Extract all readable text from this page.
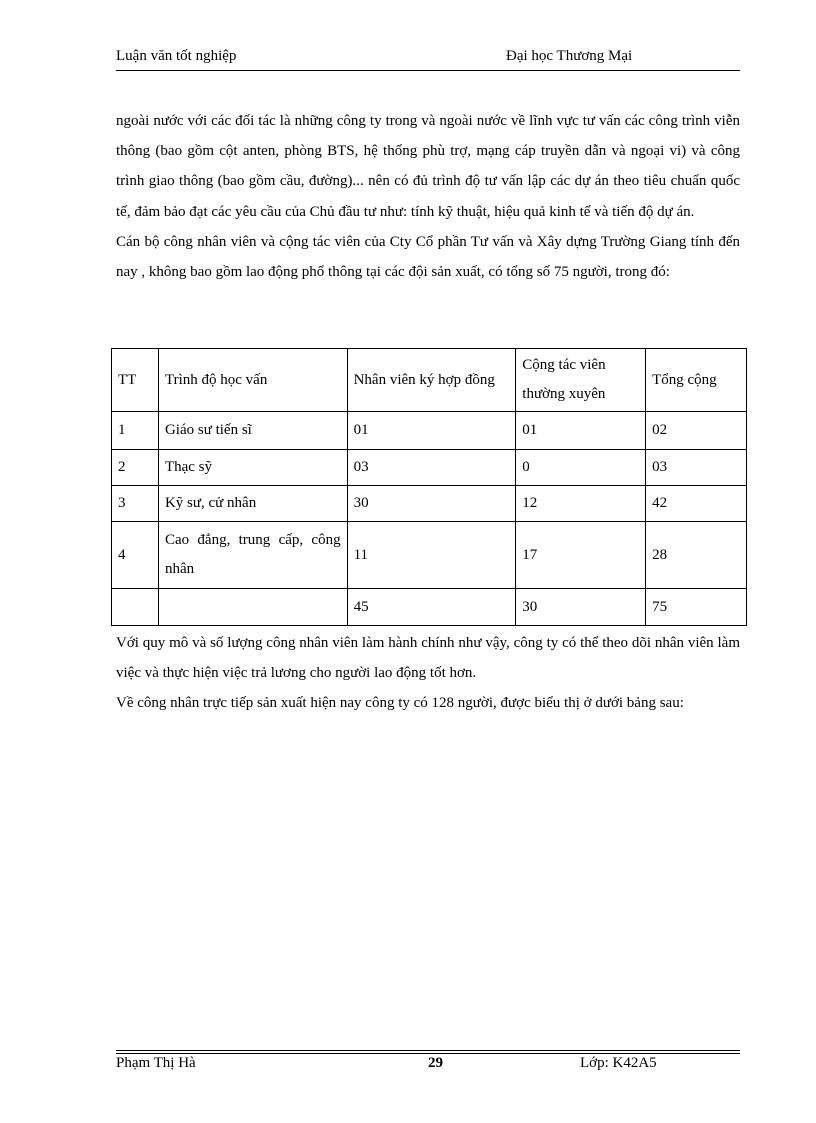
Luận văn tốt nghiệp	Đại học Thương Mại

ngoài nước với các đối tác là những công ty trong và ngoài nước về lĩnh vực tư vấn các công trình viễn thông (bao gồm cột anten, phòng BTS, hệ thống phù trợ, mạng cáp truyền dẫn và ngoại vi) và công trình giao thông (bao gồm cầu, đường)... nên có đủ trình độ tư vấn lập các dự án theo tiêu chuẩn quốc tế, đảm bảo đạt các yêu cầu của Chủ đầu tư như: tính kỹ thuật, hiệu quả kinh tế và tiến độ dự án.

Cán bộ công nhân viên và cộng tác viên của Cty Cổ phần Tư vấn và Xây dựng Trường Giang tính đến nay , không bao gồm lao động phổ thông tại các đội sản xuất, có tổng số 75 người, trong đó:

TT	Trình độ học vấn	Nhân viên ký hợp đồng	Cộng tác viên thường xuyên	Tổng cộng
1	Giáo sư tiến sĩ	01	01	02
2	Thạc sỹ	03	0	03
3	Kỹ sư, cử nhân	30	12	42
4	Cao đẳng, trung cấp, công nhân	11	17	28
		45	30	75

Với quy mô và số lượng công nhân viên làm hành chính như vậy, công ty có thể theo dõi nhân viên làm việc và thực hiện việc trả lương cho người lao động tốt hơn.

Về công nhân trực tiếp sản xuất hiện nay công ty có 128 người, được biểu thị ở dưới bảng sau:

Phạm Thị Hà	29	Lớp: K42A5
